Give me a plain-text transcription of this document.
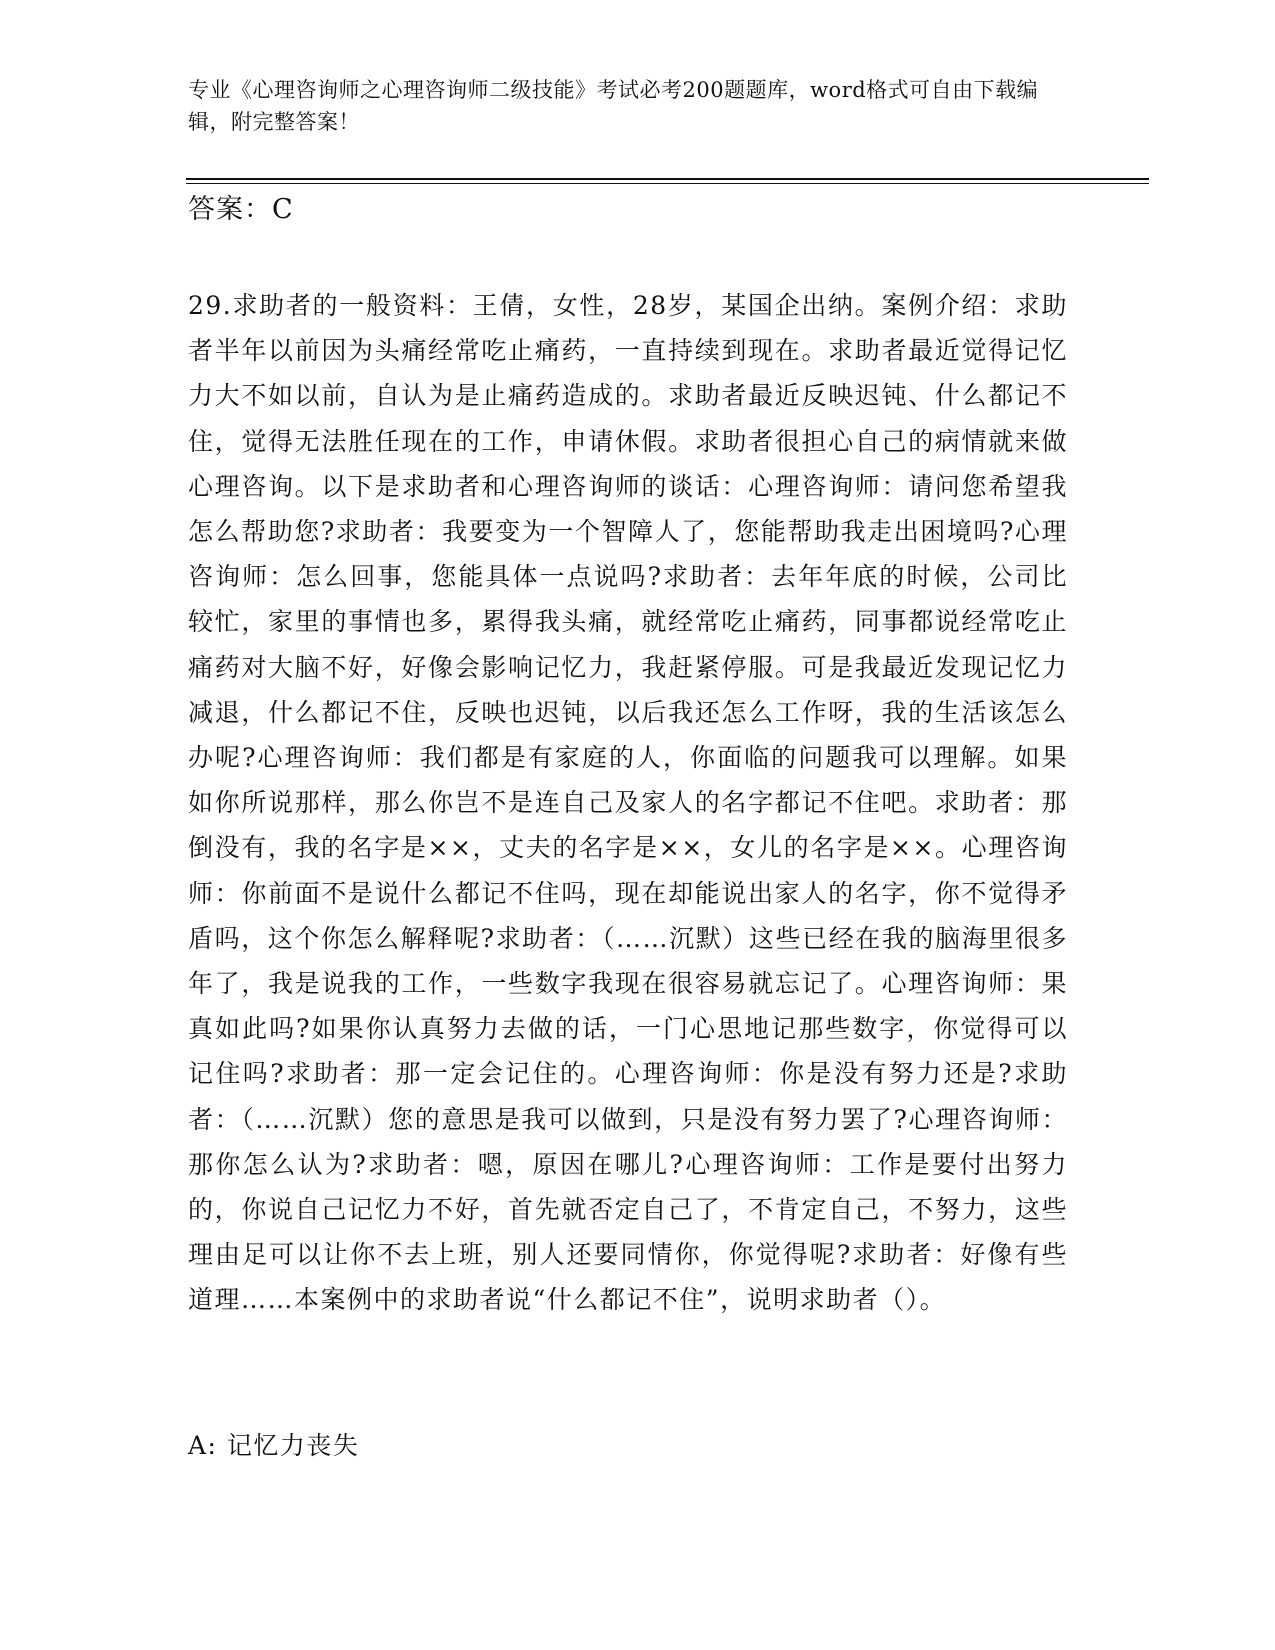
专业《心理咨询师之心理咨询师二级技能》考试必考200题题库，word格式可自由下载编辑，附完整答案！
答案：C
29.求助者的一般资料：王倩，女性，28岁，某国企出纳。案例介绍：求助者半年以前因为头痛经常吃止痛药，一直持续到现在。求助者最近觉得记忆力大不如以前，自认为是止痛药造成的。求助者最近反映迟钝、什么都记不住，觉得无法胜任现在的工作，申请休假。求助者很担心自己的病情就来做心理咨询。以下是求助者和心理咨询师的谈话：心理咨询师：请问您希望我怎么帮助您?求助者：我要变为一个智障人了，您能帮助我走出困境吗?心理咨询师：怎么回事，您能具体一点说吗?求助者：去年年底的时候，公司比较忙，家里的事情也多，累得我头痛，就经常吃止痛药，同事都说经常吃止痛药对大脑不好，好像会影响记忆力，我赶紧停服。可是我最近发现记忆力减退，什么都记不住，反映也迟钝，以后我还怎么工作呀，我的生活该怎么办呢?心理咨询师：我们都是有家庭的人，你面临的问题我可以理解。如果如你所说那样，那么你岂不是连自己及家人的名字都记不住吧。求助者：那倒没有，我的名字是××，丈夫的名字是××，女儿的名字是××。心理咨询师：你前面不是说什么都记不住吗，现在却能说出家人的名字，你不觉得矛盾吗，这个你怎么解释呢?求助者：（……沉默）这些已经在我的脑海里很多年了，我是说我的工作，一些数字我现在很容易就忘记了。心理咨询师：果真如此吗?如果你认真努力去做的话，一门心思地记那些数字，你觉得可以记住吗?求助者：那一定会记住的。心理咨询师：你是没有努力还是?求助者：（……沉默）您的意思是我可以做到，只是没有努力罢了?心理咨询师：那你怎么认为?求助者：嗯，原因在哪儿?心理咨询师：工作是要付出努力的，你说自己记忆力不好，首先就否定自己了，不肯定自己，不努力，这些理由足可以让你不去上班，别人还要同情你，你觉得呢?求助者：好像有些道理……本案例中的求助者说“什么都记不住”，说明求助者（）。
A: 记忆力丧失
